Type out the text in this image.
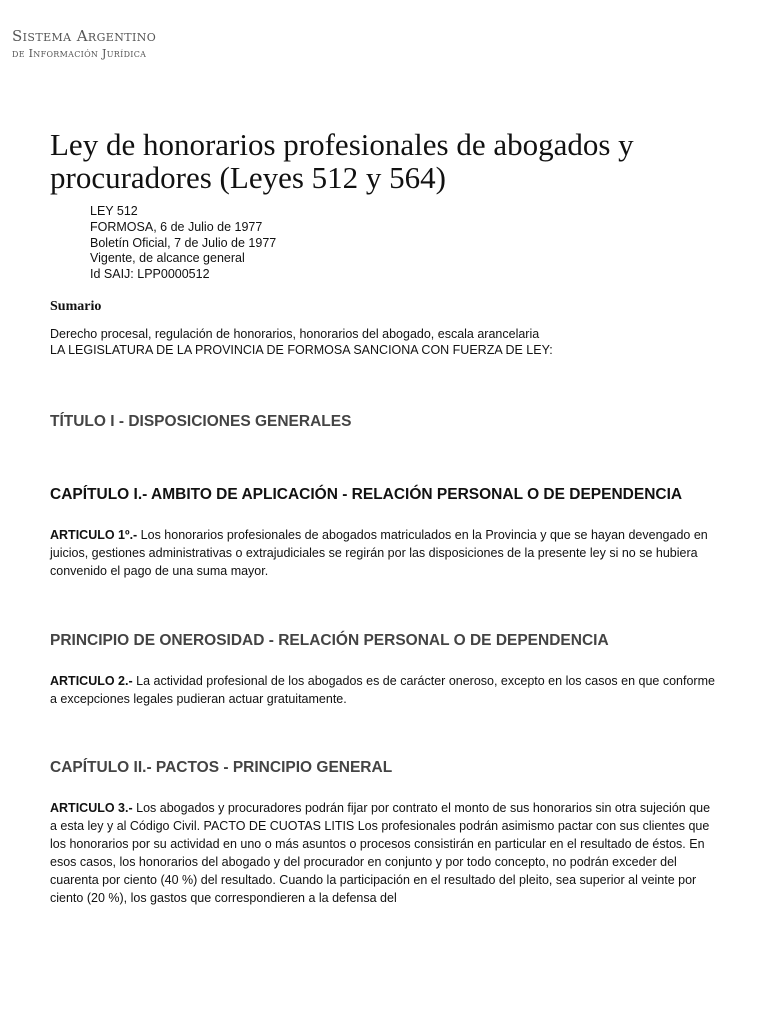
Sistema Argentino
de Información Jurídica
Ley de honorarios profesionales de abogados y procuradores (Leyes 512 y 564)
LEY 512
FORMOSA, 6 de Julio de 1977
Boletín Oficial, 7 de Julio de 1977
Vigente, de alcance general
Id SAIJ: LPP0000512
Sumario
Derecho procesal, regulación de honorarios, honorarios del abogado, escala arancelaria
LA LEGISLATURA DE LA PROVINCIA DE FORMOSA SANCIONA CON FUERZA DE LEY:
TÍTULO I - DISPOSICIONES GENERALES
CAPÍTULO I.- AMBITO DE APLICACIÓN - RELACIÓN PERSONAL O DE DEPENDENCIA
ARTICULO 1º.- Los honorarios profesionales de abogados matriculados en la Provincia y que se hayan devengado en juicios, gestiones administrativas o extrajudiciales se regirán por las disposiciones de la presente ley si no se hubiera convenido el pago de una suma mayor.
PRINCIPIO DE ONEROSIDAD - RELACIÓN PERSONAL O DE DEPENDENCIA
ARTICULO 2.- La actividad profesional de los abogados es de carácter oneroso, excepto en los casos en que conforme a excepciones legales pudieran actuar gratuitamente.
CAPÍTULO II.- PACTOS - PRINCIPIO GENERAL
ARTICULO 3.- Los abogados y procuradores podrán fijar por contrato el monto de sus honorarios sin otra sujeción que a esta ley y al Código Civil. PACTO DE CUOTAS LITIS Los profesionales podrán asimismo pactar con sus clientes que los honorarios por su actividad en uno o más asuntos o procesos consistirán en particular en el resultado de éstos. En esos casos, los honorarios del abogado y del procurador en conjunto y por todo concepto, no podrán exceder del cuarenta por ciento (40 %) del resultado. Cuando la participación en el resultado del pleito, sea superior al veinte por ciento (20 %), los gastos que correspondieren a la defensa del
